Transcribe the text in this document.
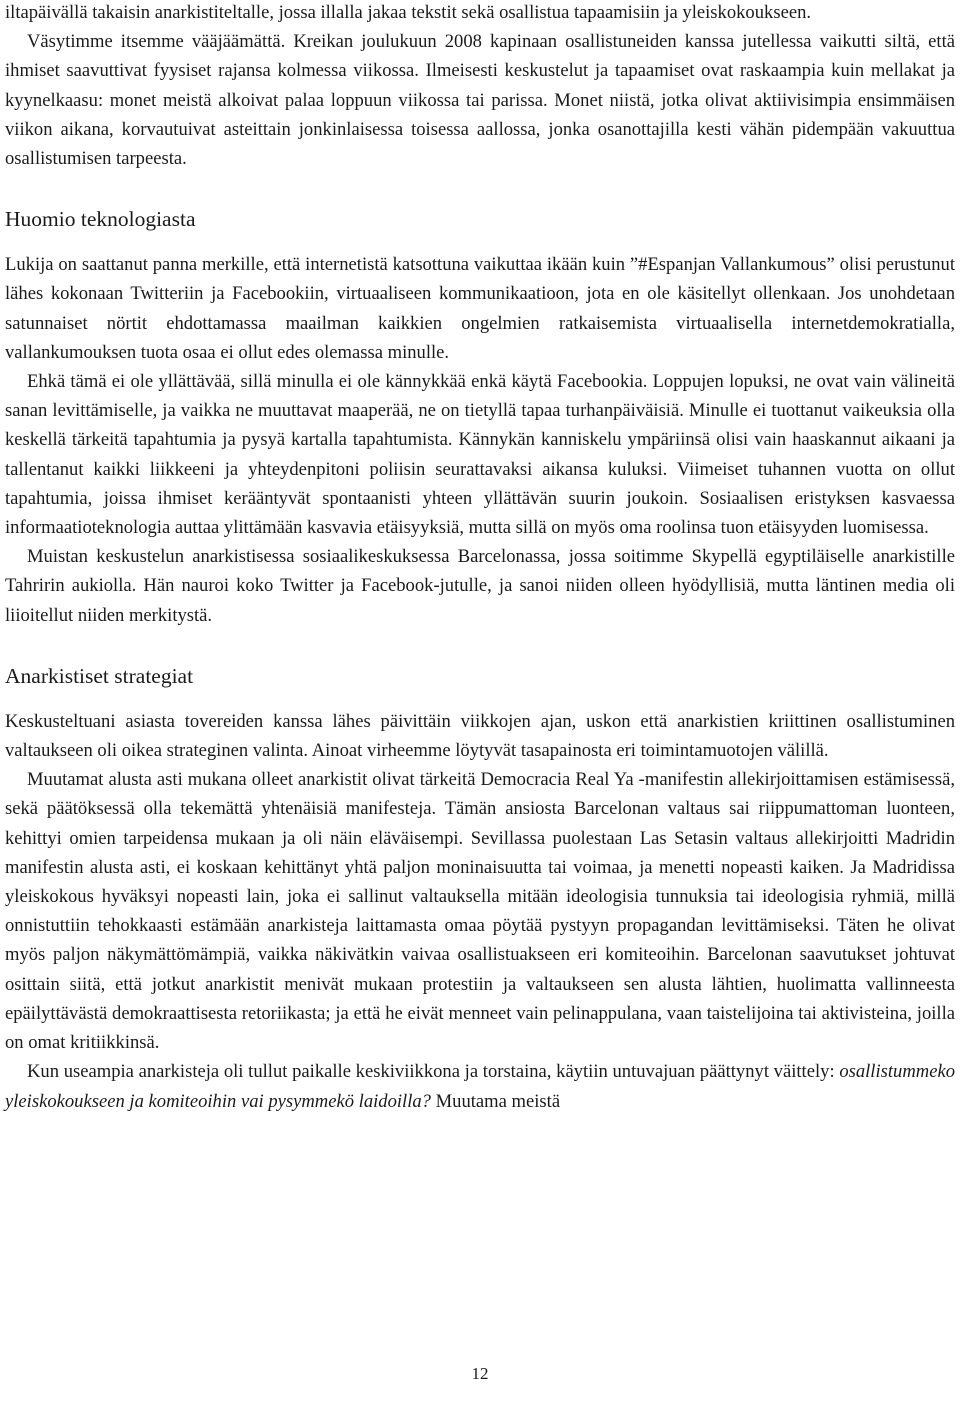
iltapäivällä takaisin anarkistiteltalle, jossa illalla jakaa tekstit sekä osallistua tapaamisiin ja yleiskokoukseen.

Väsytimme itsemme vääjäämättä. Kreikan joulukuun 2008 kapinaan osallistuneiden kanssa jutellessa vaikutti siltä, että ihmiset saavuttivat fyysiset rajansa kolmessa viikossa. Ilmeisesti keskustelut ja tapaamiset ovat raskaampia kuin mellakat ja kyynelkaasu: monet meistä alkoivat palaa loppuun viikossa tai parissa. Monet niistä, jotka olivat aktiivisimpia ensimmäisen viikon aikana, korvautuivat asteittain jonkinlaisessa toisessa aallossa, jonka osanottajilla kesti vähän pidempään vakuuttua osallistumisen tarpeesta.

Huomio teknologiasta

Lukija on saattanut panna merkille, että internetistä katsottuna vaikuttaa ikään kuin ”#Espanjan Vallankumous” olisi perustunut lähes kokonaan Twitteriin ja Facebookiin, virtuaaliseen kommunikaatioon, jota en ole käsitellyt ollenkaan. Jos unohdetaan satunnaiset nörtit ehdottamassa maailman kaikkien ongelmien ratkaisemista virtuaalisella internetdemokratialla, vallankumouksen tuota osaa ei ollut edes olemassa minulle.

Ehkä tämä ei ole yllättävää, sillä minulla ei ole kännykkää enkä käytä Facebookia. Loppujen lopuksi, ne ovat vain välineitä sanan levittämiselle, ja vaikka ne muuttavat maaperää, ne on tietyllä tapaa turhanpäiväisiä. Minulle ei tuottanut vaikeuksia olla keskellä tärkeitä tapahtumia ja pysyä kartalla tapahtumista. Kännykän kanniskelu ympäriinsä olisi vain haaskannut aikaani ja tallentanut kaikki liikkeeni ja yhteydenpitoni poliisin seurattavaksi aikansa kuluksi. Viimeiset tuhannen vuotta on ollut tapahtumia, joissa ihmiset kerääntyvät spontaanisti yhteen yllättävän suurin joukoin. Sosiaalisen eristyksen kasvaessa informaatioteknologia auttaa ylittämään kasvavia etäisyyksiä, mutta sillä on myös oma roolinsa tuon etäisyyden luomisessa.

Muistan keskustelun anarkistisessa sosiaalikeskuksessa Barcelonassa, jossa soitimme Skypellä egyptiläiselle anarkistille Tahririn aukiolla. Hän nauroi koko Twitter ja Facebook-jutulle, ja sanoi niiden olleen hyödyllisiä, mutta läntinen media oli liioitellut niiden merkitystä.

Anarkistiset strategiat

Keskusteltuani asiasta tovereiden kanssa lähes päivittäin viikkojen ajan, uskon että anarkistien kriittinen osallistuminen valtaukseen oli oikea strateginen valinta. Ainoat virheemme löytyvät tasapainosta eri toimintamuotojen välillä.

Muutamat alusta asti mukana olleet anarkistit olivat tärkeitä Democracia Real Ya -manifestin allekirjoittamisen estämisessä, sekä päätöksessä olla tekemättä yhtenäisiä manifesteja. Tämän ansiosta Barcelonan valtaus sai riippumattoman luonteen, kehittyi omien tarpeidensa mukaan ja oli näin eläväisempi. Sevillassa puolestaan Las Setasin valtaus allekirjoitti Madridin manifestin alusta asti, ei koskaan kehittänyt yhtä paljon moninaisuutta tai voimaa, ja menetti nopeasti kaiken. Ja Madridissa yleiskokous hyväksyi nopeasti lain, joka ei sallinut valtauksella mitään ideologisia tunnuksia tai ideologisia ryhmiä, millä onnistuttiin tehokkaasti estämään anarkisteja laittamasta omaa pöytää pystyyn propagandan levittämiseksi. Täten he olivat myös paljon näkymättömämpiä, vaikka näkivätkin vaivaa osallistuakseen eri komiteoihin. Barcelonan saavutukset johtuvat osittain siitä, että jotkut anarkistit menivät mukaan protestiin ja valtaukseen sen alusta lähtien, huolimatta vallinneesta epäilyttävästä demokraattisesta retoriikasta; ja että he eivät menneet vain pelinappulana, vaan taistelijoina tai aktivisteina, joilla on omat kritiikkinsä.

Kun useampia anarkisteja oli tullut paikalle keskiviikkona ja torstaina, käytiin untuvajuan päättynyt väittely: osallistummeko yleiskokoukseen ja komiteoihin vai pysymmekö laidoilla? Muutama meistä

12
